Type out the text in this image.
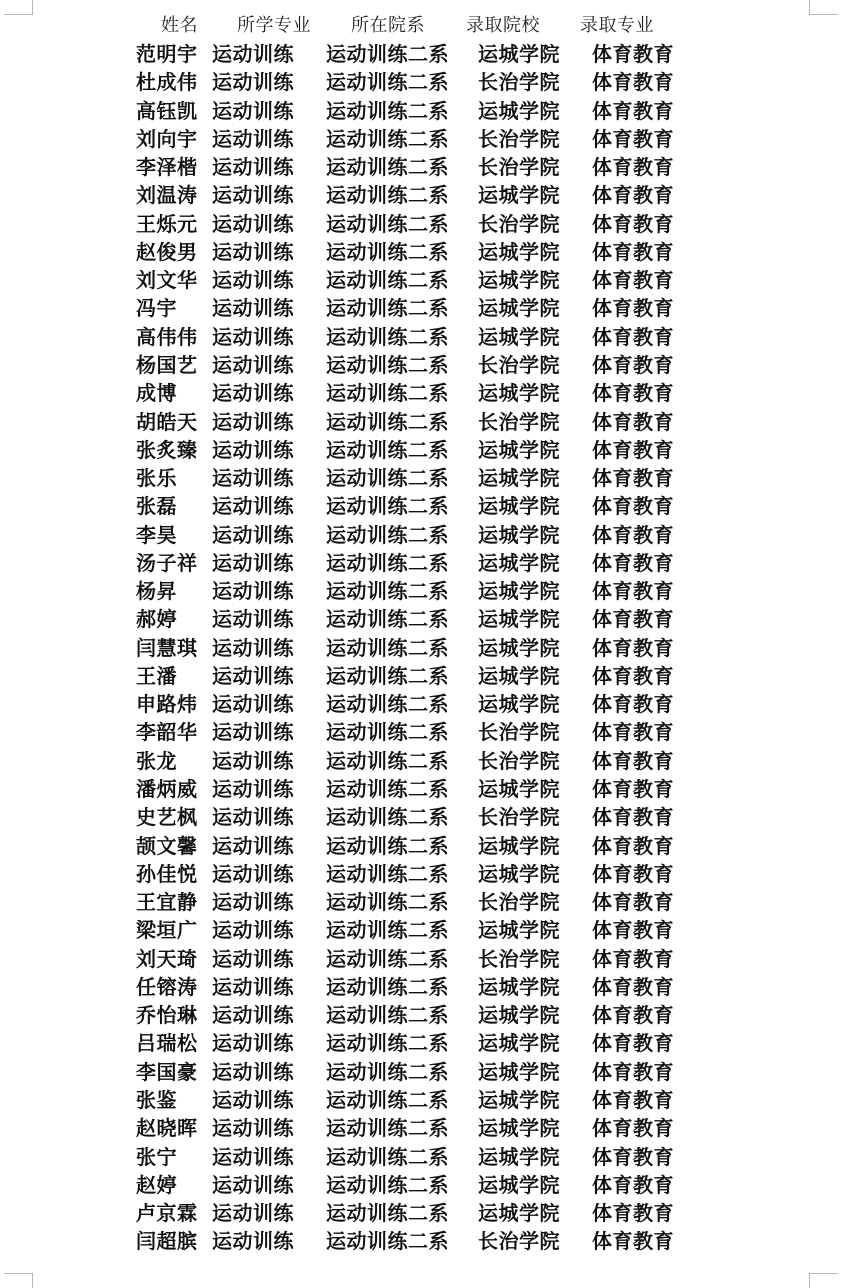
姓名 所学专业 所在院系 录取院校 录取专业
范明宇 运动训练 运动训练二系 运城学院 体育教育
杜成伟 运动训练 运动训练二系 长治学院 体育教育
高钰凯 运动训练 运动训练二系 运城学院 体育教育
刘向宇 运动训练 运动训练二系 长治学院 体育教育
李泽楷 运动训练 运动训练二系 长治学院 体育教育
刘温涛 运动训练 运动训练二系 运城学院 体育教育
王烁元 运动训练 运动训练二系 长治学院 体育教育
赵俊男 运动训练 运动训练二系 运城学院 体育教育
刘文华 运动训练 运动训练二系 运城学院 体育教育
冯宇 运动训练 运动训练二系 运城学院 体育教育
高伟伟 运动训练 运动训练二系 运城学院 体育教育
杨国艺 运动训练 运动训练二系 长治学院 体育教育
成博 运动训练 运动训练二系 运城学院 体育教育
胡皓天 运动训练 运动训练二系 长治学院 体育教育
张炙臻 运动训练 运动训练二系 运城学院 体育教育
张乐 运动训练 运动训练二系 运城学院 体育教育
张磊 运动训练 运动训练二系 运城学院 体育教育
李昊 运动训练 运动训练二系 运城学院 体育教育
汤子祥 运动训练 运动训练二系 运城学院 体育教育
杨昇 运动训练 运动训练二系 运城学院 体育教育
郝婷 运动训练 运动训练二系 运城学院 体育教育
闫慧琪 运动训练 运动训练二系 运城学院 体育教育
王潘 运动训练 运动训练二系 运城学院 体育教育
申路炜 运动训练 运动训练二系 运城学院 体育教育
李韶华 运动训练 运动训练二系 长治学院 体育教育
张龙 运动训练 运动训练二系 长治学院 体育教育
潘炳威 运动训练 运动训练二系 运城学院 体育教育
史艺枫 运动训练 运动训练二系 长治学院 体育教育
颉文馨 运动训练 运动训练二系 运城学院 体育教育
孙佳悦 运动训练 运动训练二系 运城学院 体育教育
王宜静 运动训练 运动训练二系 长治学院 体育教育
梁垣广 运动训练 运动训练二系 运城学院 体育教育
刘天琦 运动训练 运动训练二系 长治学院 体育教育
任镕涛 运动训练 运动训练二系 运城学院 体育教育
乔怡琳 运动训练 运动训练二系 运城学院 体育教育
吕瑞松 运动训练 运动训练二系 运城学院 体育教育
李国豪 运动训练 运动训练二系 运城学院 体育教育
张鉴 运动训练 运动训练二系 运城学院 体育教育
赵晓晖 运动训练 运动训练二系 运城学院 体育教育
张宁 运动训练 运动训练二系 运城学院 体育教育
赵婷 运动训练 运动训练二系 运城学院 体育教育
卢京霖 运动训练 运动训练二系 运城学院 体育教育
闫超膑 运动训练 运动训练二系 长治学院 体育教育
